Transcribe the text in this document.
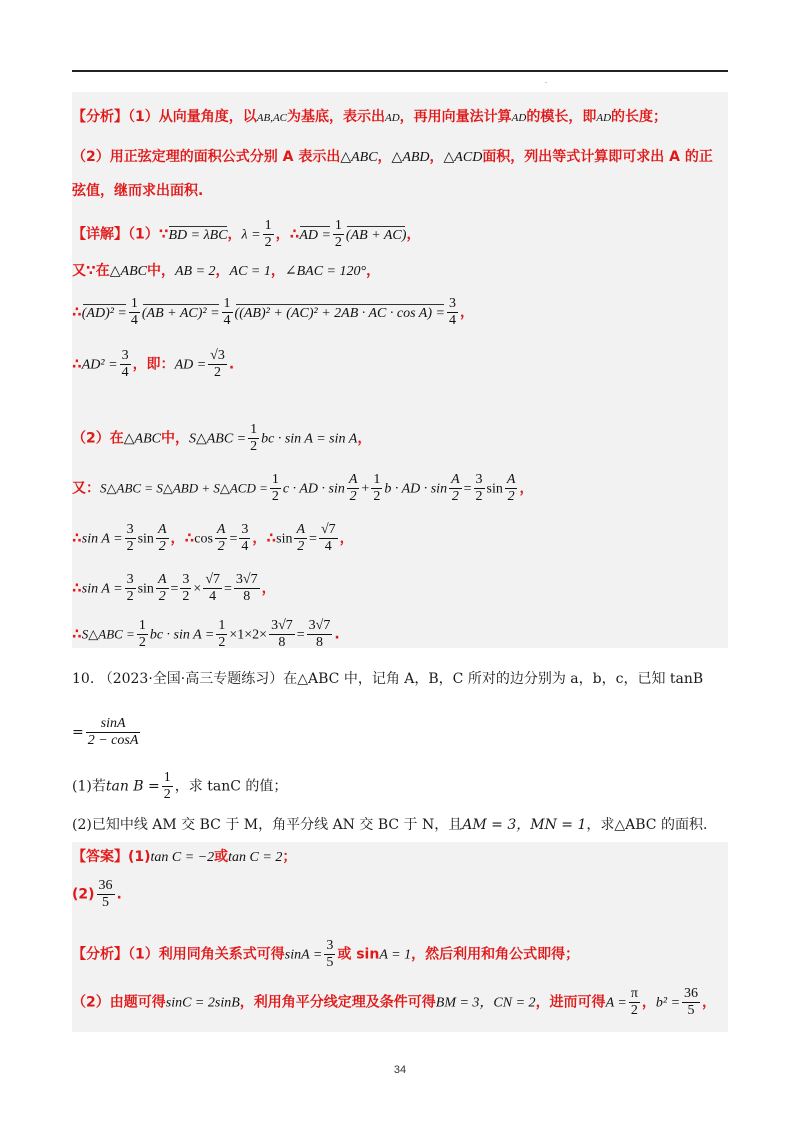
.
【分析】（1）从向量角度，以AB,AC为基底，表示出AD，再用向量法计算AD的模长，即AD的长度；
（2）用正弦定理的面积公式分别 A 表示出△ABC，△ABD，△ACD面积，列出等式计算即可求出 A 的正
弦值，继而求出面积.
【详解】（1）∵BD = λBC，$\lambda = \frac{1}{2}$ ，∴AD = $\frac{1}{2} (AB + AC)$，
又∵在△ABC中，AB = 2，AC = 1，∠BAC = 120°，
∴(AD)² = $\frac{1}{4} (AB + AC)^2 = \frac{1}{4} ((AB)^2 + (AC)^2 + 2AB$ · AC · $\cos A) = \frac{3}{4}$ ，
∴AD² = $\frac{3}{4}$ ，即：AD = $\frac{√3}{2}$ .
（2）在△ABC中，S△ABC = $\frac{1}{2}$ bc · sin A = sin A，
又：S△ABC = S△ABD + S△ACD = $\frac{1}{2}$ c · AD · $\sin \frac{A}{2} + \frac{1}{2}$ b · AD · $\sin \frac{A}{2} = \frac{3}{2}$ $\sin \frac{A}{2}$ ，
∴sin $A = \frac{3}{2}$ $\sin \frac{A}{2}$ ，∴cos $\frac{A}{2} = \frac{3}{4}$ ，∴sin $\frac{A}{2} = \frac{√7}{4}$ ，
∴sin $A = \frac{3}{2}$ $\sin \frac{A}{2} = \frac{3}{2} \times \frac{√7}{4} = \frac{3√7}{8}$ ，
∴S△ABC = $\frac{1}{2}$ bc · $\sin A = \frac{1}{2} \times 1\times 2\times \frac{3√7}{8} = \frac{3√7}{8}$ .
10. （2023·全国·高三专题练习）在△ABC 中，记角 A，B，C 所对的边分别为 a，b，c，已知 tanB
= $\frac{\sin A}{2 - \cos A}$
(1)若$\tan B = \frac{1}{2}$ ，求 tanC 的值；
(2)已知中线 AM 交 BC 于 M，角平分线 AN 交 BC 于 N，且AM = 3，MN = 1，求△ABC 的面积.
【答案】(1)tan C = −2或tan C = 2；
$(2) \frac{36}{5}$ .
【分析】（1）利用同角关系式可得$\sin A = \frac{3}{5}$ 或 sinA = 1，然后利用和角公式即得；
（2）由题可得sinC = 2sinB，利用角平分线定理及条件可得BM = 3，CN = 2，进而可得$A = \frac{\pi}{2}$ ，$b^2 = \frac{36}{5}$ ，
34
